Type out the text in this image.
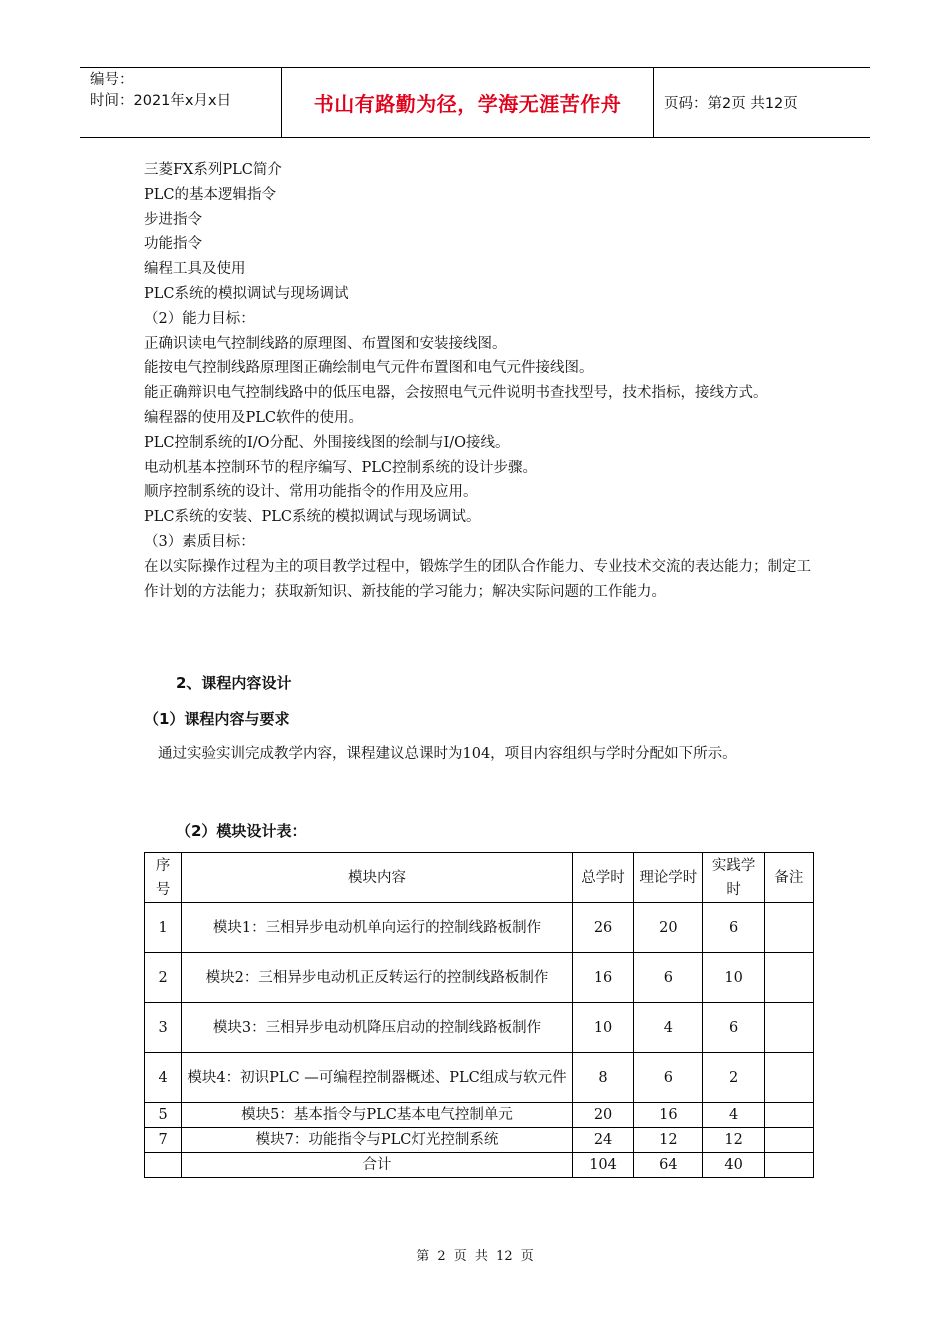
编号：
时间：2021年x月x日	书山有路勤为径，学海无涯苦作舟	页码：第2页 共12页
三菱FX系列PLC简介
PLC的基本逻辑指令
步进指令
功能指令
编程工具及使用
PLC系统的模拟调试与现场调试
（2）能力目标：
正确识读电气控制线路的原理图、布置图和安装接线图。
能按电气控制线路原理图正确绘制电气元件布置图和电气元件接线图。
能正确辩识电气控制线路中的低压电器，会按照电气元件说明书查找型号，技术指标，接线方式。
编程器的使用及PLC软件的使用。
PLC控制系统的I/O分配、外围接线图的绘制与I/O接线。
电动机基本控制环节的程序编写、PLC控制系统的设计步骤。
顺序控制系统的设计、常用功能指令的作用及应用。
PLC系统的安装、PLC系统的模拟调试与现场调试。
（3）素质目标：
在以实际操作过程为主的项目教学过程中，锻炼学生的团队合作能力、专业技术交流的表达能力；制定工作计划的方法能力；获取新知识、新技能的学习能力；解决实际问题的工作能力。
2、课程内容设计
（1）课程内容与要求
通过实验实训完成教学内容，课程建议总课时为104，项目内容组织与学时分配如下所示。
（2）模块设计表：
序号	模块内容	总学时	理论学时	实践学时	备注
1	模块1：三相异步电动机单向运行的控制线路板制作	26	20	6	
2	模块2：三相异步电动机正反转运行的控制线路板制作	16	6	10	
3	模块3：三相异步电动机降压启动的控制线路板制作	10	4	6	
4	模块4：初识PLC —可编程控制器概述、PLC组成与软元件	8	6	2	
5	模块5：基本指令与PLC基本电气控制单元	20	16	4	
7	模块7：功能指令与PLC灯光控制系统	24	12	12	
	合计	104	64	40	
第 2 页 共 12 页
